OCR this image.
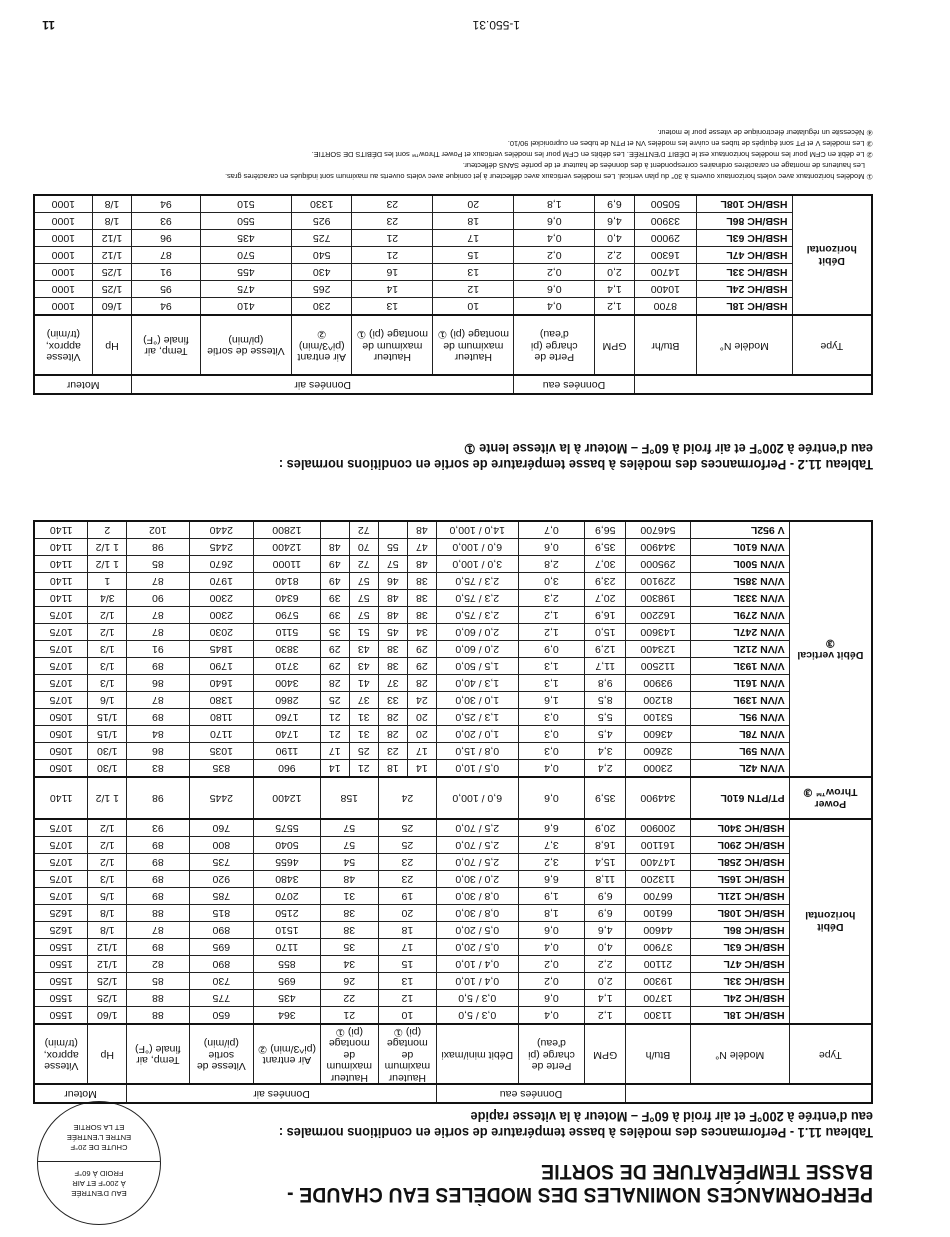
PERFORMANCES NOMINALES DES MODÈLES EAU CHAUDE -
BASSE TEMPÉRATURE DE SORTIE
EAU D'ENTRÉE
À 200°F ET AIR
FROID À 60°F
CHUTE DE 20°F
ENTRE L'ENTRÉE
ET LA SORTIE	Tableau 11.1 - Performances des modèles à basse température de sortie en conditions normales :
eau d'entrée à 200°F et air froid à 60°F – Moteur à la vitesse rapide
			Données eau			Données air							Moteur	
Type	Modèle N°	Btu/h	GPM	Perte de charge (pi d'eau)	Débit mini/maxi	Hauteur maximum de montage (pi) ①		Hauteur maximum de montage (pi) ①		Air entrant (pi^3/min) ②	Vitesse de sortie (pi/min)	Temp, air finale (°F)	Hp	Vitesse approx, (tr/min)
Débit horizontal	HSB/HC 18L	11300	1,2	0,4	0,3 / 5,0	10		21		364	650	88	1/60	1550
	HSB/HC 24L	13700	1,4	0,6	0,3 / 5,0	12		22		435	775	88	1/25	1550
	HSB/HC 33L	19300	2,0	0,2	0,4 / 10,0	13		26		695	730	85	1/25	1550
	HSB/HC 47L	21100	2,2	0,2	0,4 / 10,0	15		34		855	890	82	1/12	1550
	HSB/HC 63L	37900	4,0	0,4	0,5 / 20,0	17		35		1170	695	89	1/12	1550
	HSB/HC 86L	44600	4,6	0,6	0,5 / 20,0	18		38		1510	890	87	1/8	1625
	HSB/HC 108L	66100	6,9	1,8	0,8 / 30,0	20		38		2150	815	88	1/8	1625
	HSB/HC 121L	66700	6,9	1,9	0,8 / 30,0	19		31		2070	785	89	1/5	1075
	HSB/HC 165L	113200	11,8	6,6	2,0 / 30,0	23		48		3480	920	89	1/3	1075
	HSB/HC 258L	147400	15,4	3,2	2,5 / 70,0	23		54		4655	735	89	1/2	1075
	HSB/HC 290L	161100	16,8	3,7	2,5 / 70,0	25		57		5040	800	89	1/2	1075
	HSB/HC 340L	200900	20,9	6,6	2,5 / 70,0	25		57		5575	760	93	1/2	1075
Power Throw™ ③	PT/PTN 610L	344900	35,9	0,6	6,0 / 100,0	24		158		12400	2445	98	1 1/2	1140
Débit vertical ③	V/VN 42L	23000	2,4	0,4	0,5 / 10,0	14	18	21	14	960	835	83	1/30	1050
	V/VN 59L	32600	3,4	0,3	0,8 / 15,0	17	23	25	17	1190	1035	86	1/30	1050
	V/VN 78L	43600	4,5	0,3	1,0 / 20,0	20	28	31	21	1740	1170	84	1/15	1050
	V/VN 95L	53100	5,5	0,3	1,3 / 25,0	20	28	31	21	1760	1180	89	1/15	1050
	V/VN 139L	81200	8,5	1,6	1,0 / 30,0	24	33	37	25	2860	1380	87	1/6	1075
	V/VN 161L	93900	9,8	1,3	1,3 / 40,0	28	37	41	28	3400	1640	86	1/3	1075
	V/VN 193L	112500	11,7	1,3	1,5 / 50,0	29	38	43	29	3710	1790	89	1/3	1075
	V/VN 212L	123400	12,9	0,9	2,0 / 60,0	29	38	43	29	3830	1845	91	1/3	1075
	V/VN 247L	143600	15,0	1,2	2,0 / 60,0	34	45	51	35	5110	2030	87	1/2	1075
	V/VN 279L	162200	16,9	1,2	2,3 / 75,0	38	48	57	39	5790	2300	87	1/2	1075
	V/VN 333L	198300	20,7	2,3	2,3 / 75,0	38	48	57	39	6340	2300	90	3/4	1140
	V/VN 385L	229100	23,9	3,0	2,3 / 75,0	38	46	57	49	8140	1970	87	1	1140
	V/VN 500L	295000	30,7	2,8	3,0 / 100,0	48	57	72	49	11000	2670	85	1 1/2	1140
	V/VN 610L	344900	35,9	0,6	6,0 / 100,0	47	55	70	48	12400	2445	98	1 1/2	1140
	V 952L	546700	56,9	0,7	14,0 / 100,0	48		72		12800	2440	102	2	1140
Tableau 11.2 - Performances des modèles à basse température de sortie en conditions normales :
eau d'entrée à 200°F et air froid à 60°F – Moteur à la vitesse lente ①
			Données eau		Données air					Moteur	
Type	Modèle N°	Btu/hr	GPM	Perte de charge (pi d'eau)	Hauteur maximum de montage (pi) ①	Hauteur maximum de montage (pi) ①	Air entrant (pi^3/min) ②	Vitesse de sortie (pi/min)	Temp, air finale (°F)	Hp	Vitesse approx, (tr/min)
Débit horizontal	HSB/HC 18L	8700	1,2	0,4	10	13	230	410	94	1/60	1000
	HSB/HC 24L	10400	1,4	0,6	12	14	265	475	95	1/25	1000
	HSB/HC 33L	14700	2,0	0,2	13	16	430	455	91	1/25	1000
	HSB/HC 47L	16300	2,2	0,2	15	21	540	570	87	1/12	1000
	HSB/HC 63L	29000	4,0	0,4	17	21	725	435	96	1/12	1000
	HSB/HC 86L	33900	4,6	0,6	18	23	925	550	93	1/8	1000
	HSB/HC 108L	50500	6,9	1,8	20	23	1330	510	94	1/8	1000
① Modèles horizontaux avec volets horizontaux ouverts à 30° du plan vertical. Les modèles verticaux avec déflecteur à jet conique avec volets ouverts au maximum sont indiqués en caractères gras.
Les hauteurs de montage en caractères ordinaires correspondent à des données de hauteur et de portée SANS déflecteur.
② Le débit en CFM pour les modèles horizontaux est le DÉBIT D'ENTRÉE. Les débits en CFM pour les modèles verticaux et Power Throw™ sont les DÉBITS DE SORTIE.
③ Les modèles V et PT sont équipés de tubes en cuivre les modèles VN et PTN de tubes en cupronickel 90/10.
④ Nécessite un régulateur électronique de vitesse pour le moteur.
1-550.31
11
